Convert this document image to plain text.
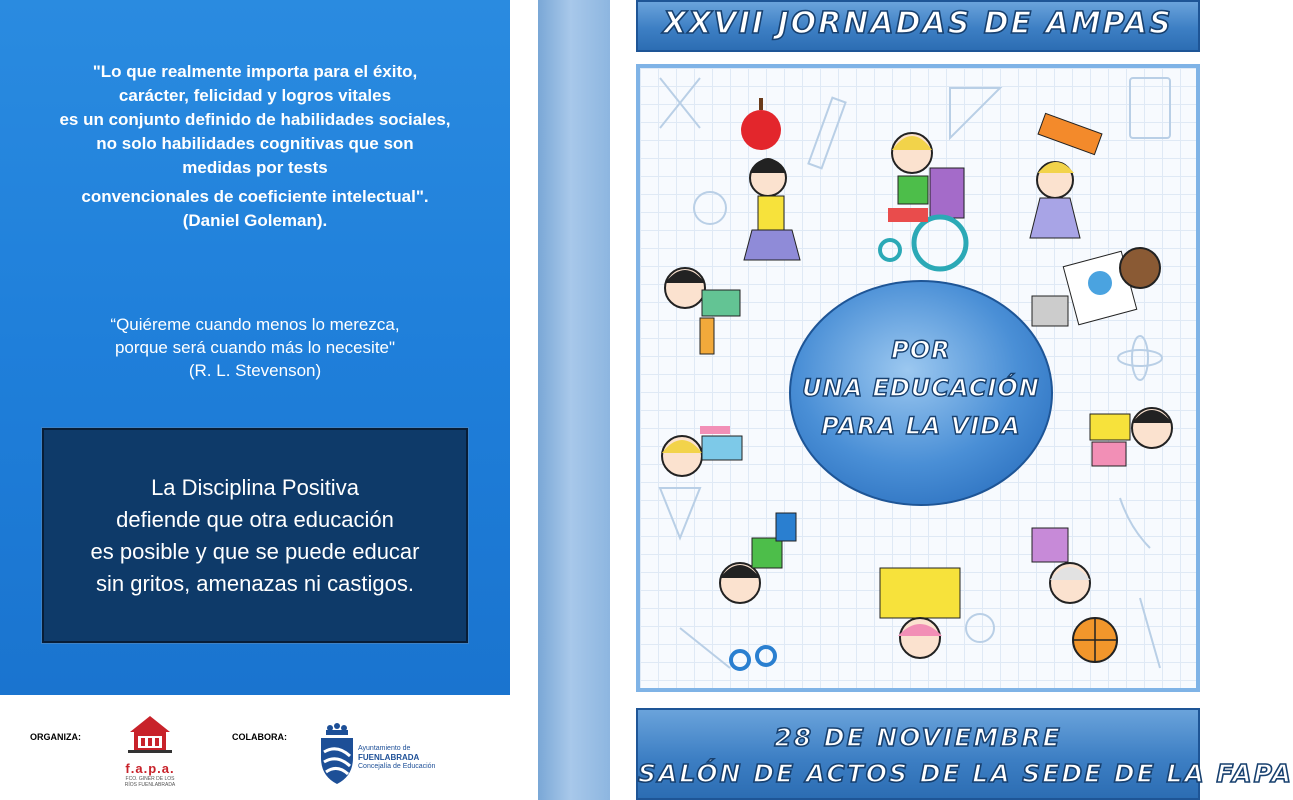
"Lo que realmente importa para el éxito,
carácter, felicidad y logros vitales
es un conjunto definido de habilidades sociales,
no solo habilidades cognitivas que son
medidas por tests
convencionales de coeficiente intelectual".
(Daniel Goleman).

“Quiéreme cuando menos lo merezca,
porque será cuando más lo necesite"
(R. L. Stevenson)

La Disciplina Positiva
defiende que otra educación
es posible y que se puede educar
sin gritos, amenazas ni castigos.
ORGANIZA:
f.a.p.a.
FCO. GINER DE LOS RÍOS FUENLABRADA
COLABORA:
Ayuntamiento de
FUENLABRADA
Concejalía de Educación
XXVII JORNADAS DE AMPAS
POR
UNA EDUCACIÓN
PARA LA VIDA
28 DE NOVIEMBRE
SALÓN DE ACTOS DE LA SEDE DE LA FAPA
